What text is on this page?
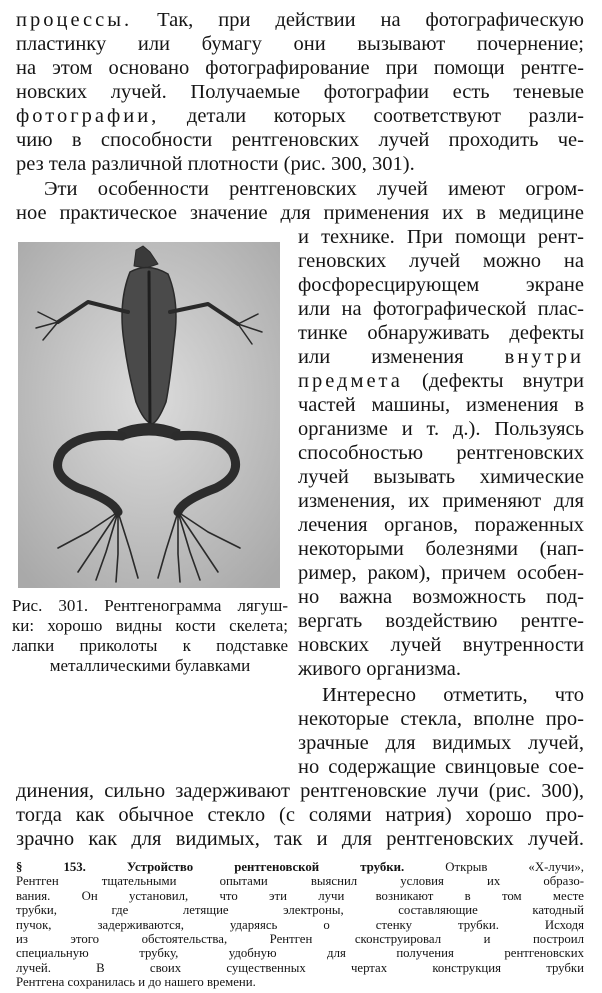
процессы. Так, при действии на фотографическую
пластинку или бумагу они вызывают почернение;
на этом основано фотографирование при помощи рентге-
новских лучей. Получаемые фотографии есть теневые
фотографии, детали которых соответствуют разли-
чию в способности рентгеновских лучей проходить че-
рез тела различной плотности (рис. 300, 301).
Эти особенности рентгеновских лучей имеют огром-
ное практическое значение для применения их в медицине
и технике. При помощи рент-
геновских лучей можно на
фосфоресцирующем экране
или на фотографической плас-
тинке обнаруживать дефекты
или изменения внутри
предмета (дефекты внутри
частей машины, изменения в
организме и т. д.). Пользуясь
способностью рентгеновских
лучей вызывать химические
изменения, их применяют для
лечения органов, пораженных
некоторыми болезнями (нап-
ример, раком), причем особен-
но важна возможность под-
вергать воздействию рентге-
новских лучей внутренности
живого организма.
Рис. 301. Рентгенограмма лягуш-
ки: хорошо видны кости скелета;
лапки приколоты к подставке
металлическими булавками
Интересно отметить, что
некоторые стекла, вполне про-
зрачные для видимых лучей,
но содержащие свинцовые сое-
динения, сильно задерживают рентгеновские лучи (рис. 300),
тогда как обычное стекло (с солями натрия) хорошо про-
зрачно как для видимых, так и для рентгеновских лучей.
§ 153. Устройство рентгеновской трубки. Открыв «Х-лучи»,
Рентген тщательными опытами выяснил условия их образо-
вания. Он установил, что эти лучи возникают в том месте
трубки, где летящие электроны, составляющие катодный
пучок, задерживаются, ударяясь о стенку трубки. Исходя
из этого обстоятельства, Рентген сконструировал и построил
специальную трубку, удобную для получения рентгеновских
лучей. В своих существенных чертах конструкция трубки
Рентгена сохранилась и до нашего времени.
